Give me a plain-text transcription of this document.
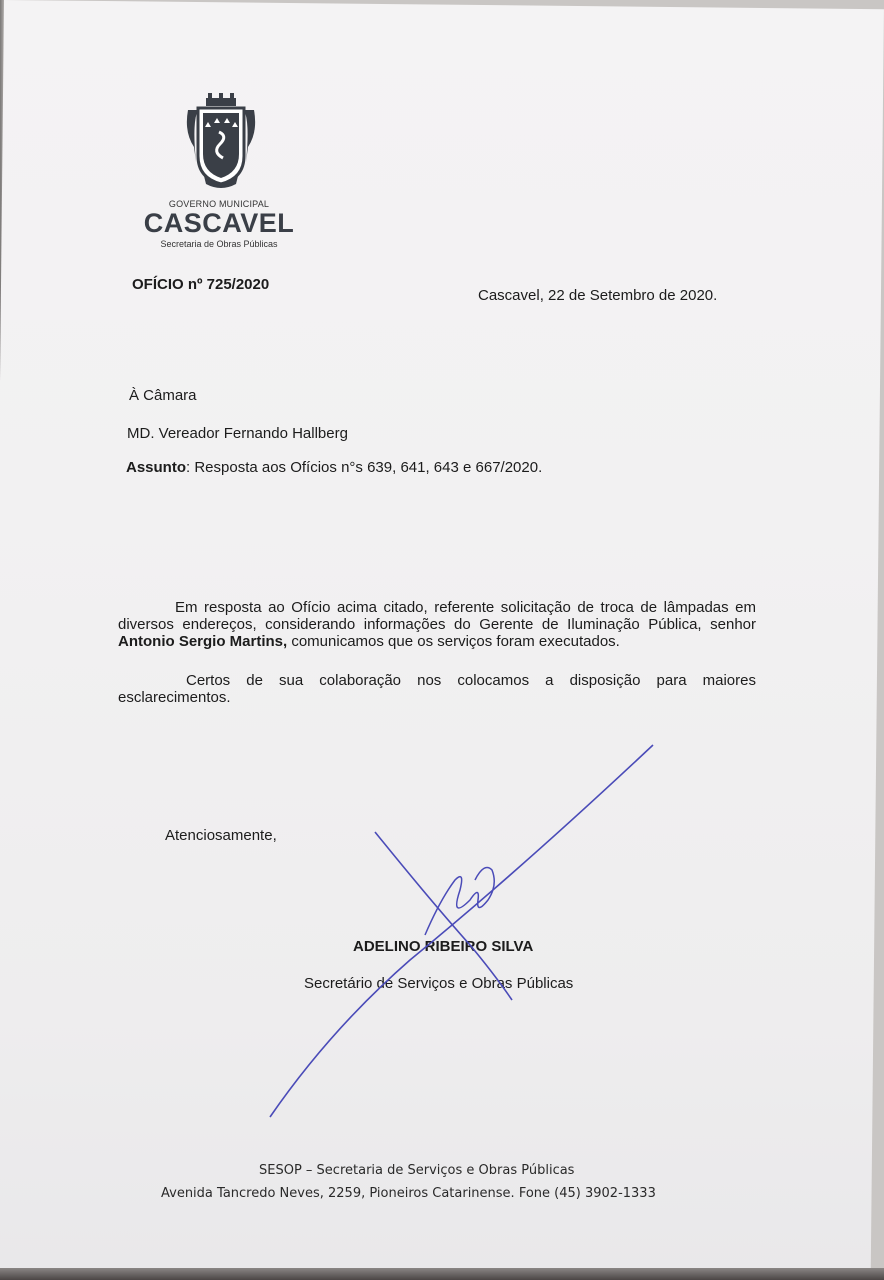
GOVERNO MUNICIPAL
CASCAVEL
Secretaria de Obras Públicas
OFÍCIO nº 725/2020
Cascavel, 22 de Setembro de 2020.
À Câmara
MD. Vereador Fernando Hallberg
Assunto: Resposta aos Ofícios n°s 639, 641, 643 e 667/2020.
Em resposta ao Ofício acima citado, referente solicitação de troca de lâmpadas em diversos endereços, considerando informações do Gerente de Iluminação Pública, senhor Antonio Sergio Martins, comunicamos que os serviços foram executados.
Certos de sua colaboração nos colocamos a disposição para maiores esclarecimentos.
Atenciosamente,
ADELINO RIBEIRO SILVA
Secretário de Serviços e Obras Públicas
SESOP – Secretaria de Serviços e Obras Públicas
Avenida Tancredo Neves, 2259, Pioneiros Catarinense. Fone (45) 3902-1333
